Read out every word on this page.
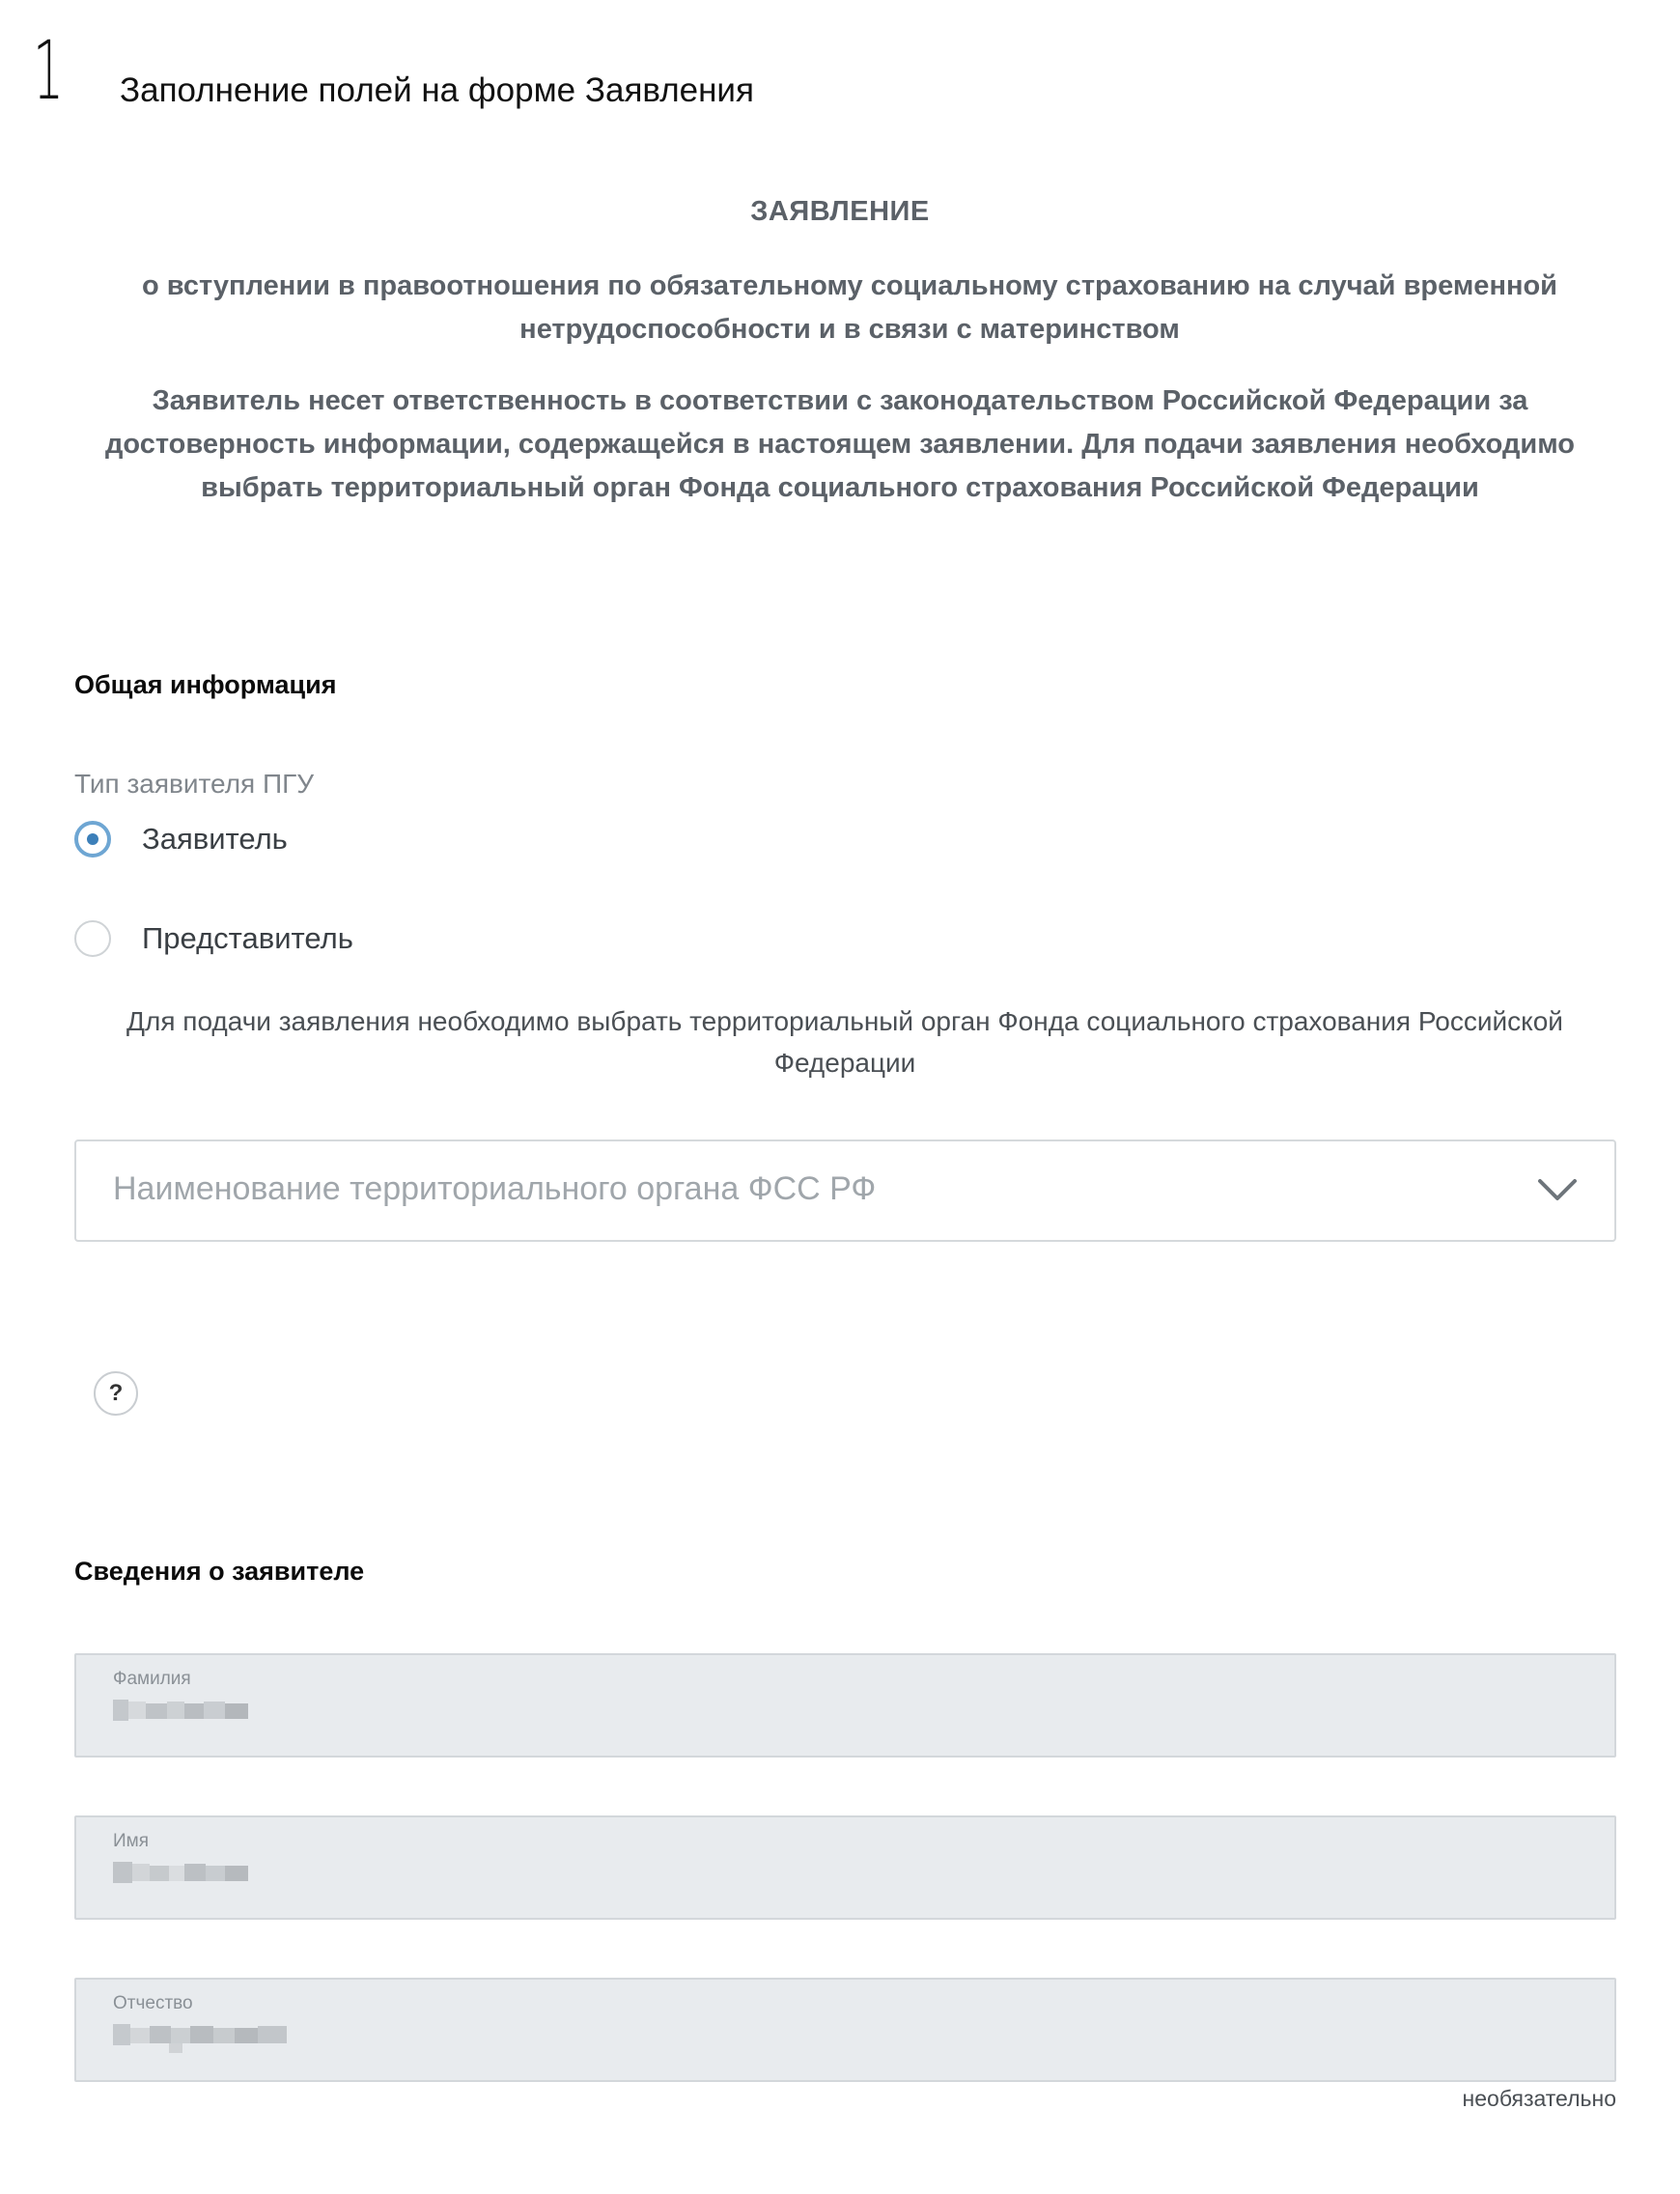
1 Заполнение полей на форме Заявления
ЗАЯВЛЕНИЕ
о вступлении в правоотношения по обязательному социальному страхованию на случай временной нетрудоспособности и в связи с материнством
Заявитель несет ответственность в соответствии с законодательством Российской Федерации за достоверность информации, содержащейся в настоящем заявлении. Для подачи заявления необходимо выбрать территориальный орган Фонда социального страхования Российской Федерации
Общая информация
Тип заявителя ПГУ
Заявитель
Представитель
Для подачи заявления необходимо выбрать территориальный орган Фонда социального страхования Российской Федерации
Наименование территориального органа ФСС РФ
?
Сведения о заявителе
Фамилия
Имя
Отчество
необязательно
